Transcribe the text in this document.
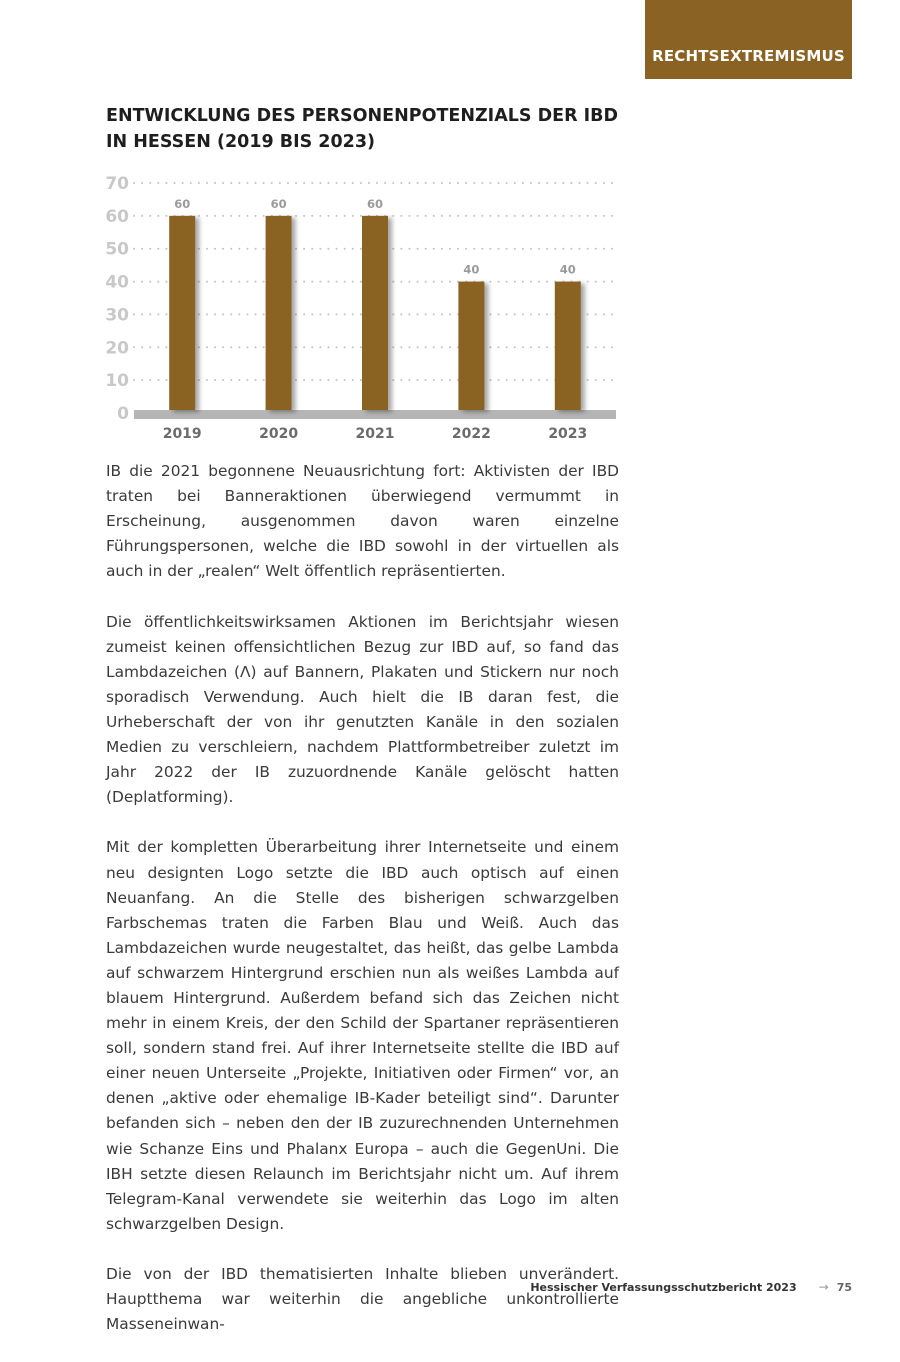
RECHTSEXTREMISMUS
ENTWICKLUNG DES PERSONENPOTENZIALS DER IBD IN HESSEN (2019 BIS 2023)
0
10
20
30
40
50
60
70
60
2019
60
2020
60
2021
40
2022
40
2023

IB die 2021 begonnene Neuausrichtung fort: Aktivisten der IBD traten bei Banneraktionen überwiegend vermummt in Erscheinung, ausgenommen davon waren einzelne Führungspersonen, welche die IBD sowohl in der virtuellen als auch in der „realen“ Welt öffentlich repräsentierten.

Die öffentlichkeitswirksamen Aktionen im Berichtsjahr wiesen zumeist keinen offensichtlichen Bezug zur IBD auf, so fand das Lambdazeichen (Λ) auf Bannern, Plakaten und Stickern nur noch sporadisch Verwendung. Auch hielt die IB daran fest, die Urheberschaft der von ihr genutzten Kanäle in den sozialen Medien zu verschleiern, nachdem Plattformbetreiber zuletzt im Jahr 2022 der IB zuzuordnende Kanäle gelöscht hatten (Deplatforming).

Mit der kompletten Überarbeitung ihrer Internetseite und einem neu designten Logo setzte die IBD auch optisch auf einen Neuanfang. An die Stelle des bisherigen schwarzgelben Farbschemas traten die Farben Blau und Weiß. Auch das Lambdazeichen wurde neugestaltet, das heißt, das gelbe Lambda auf schwarzem Hintergrund erschien nun als weißes Lambda auf blauem Hintergrund. Außerdem befand sich das Zeichen nicht mehr in einem Kreis, der den Schild der Spartaner repräsentieren soll, sondern stand frei. Auf ihrer Internetseite stellte die IBD auf einer neuen Unterseite „Projekte, Initiativen oder Firmen“ vor, an denen „aktive oder ehemalige IB-Kader beteiligt sind“. Darunter befanden sich – neben den der IB zuzurechnenden Unternehmen wie Schanze Eins und Phalanx Europa – auch die GegenUni. Die IBH setzte diesen Relaunch im Berichtsjahr nicht um. Auf ihrem Telegram-Kanal verwendete sie weiterhin das Logo im alten schwarzgelben Design.

Die von der IBD thematisierten Inhalte blieben unverändert. Hauptthema war weiterhin die angebliche unkontrollierte Masseneinwan-

Hessischer Verfassungsschutzbericht 2023 → 75
